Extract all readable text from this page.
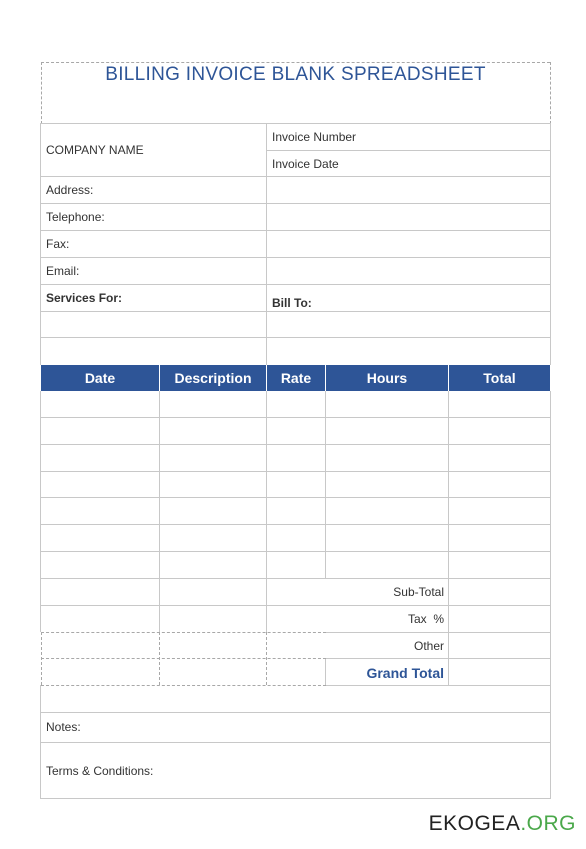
BILLING INVOICE BLANK SPREADSHEET
COMPANY NAME
Invoice Number
Invoice Date
Address:
Telephone:
Fax:
Email:
Services For:	Bill To:
Date	Description	Rate	Hours	Total
Sub-Total
Tax  %
Other
Grand Total
Notes:
Terms & Conditions:
EKOGEA.ORG
